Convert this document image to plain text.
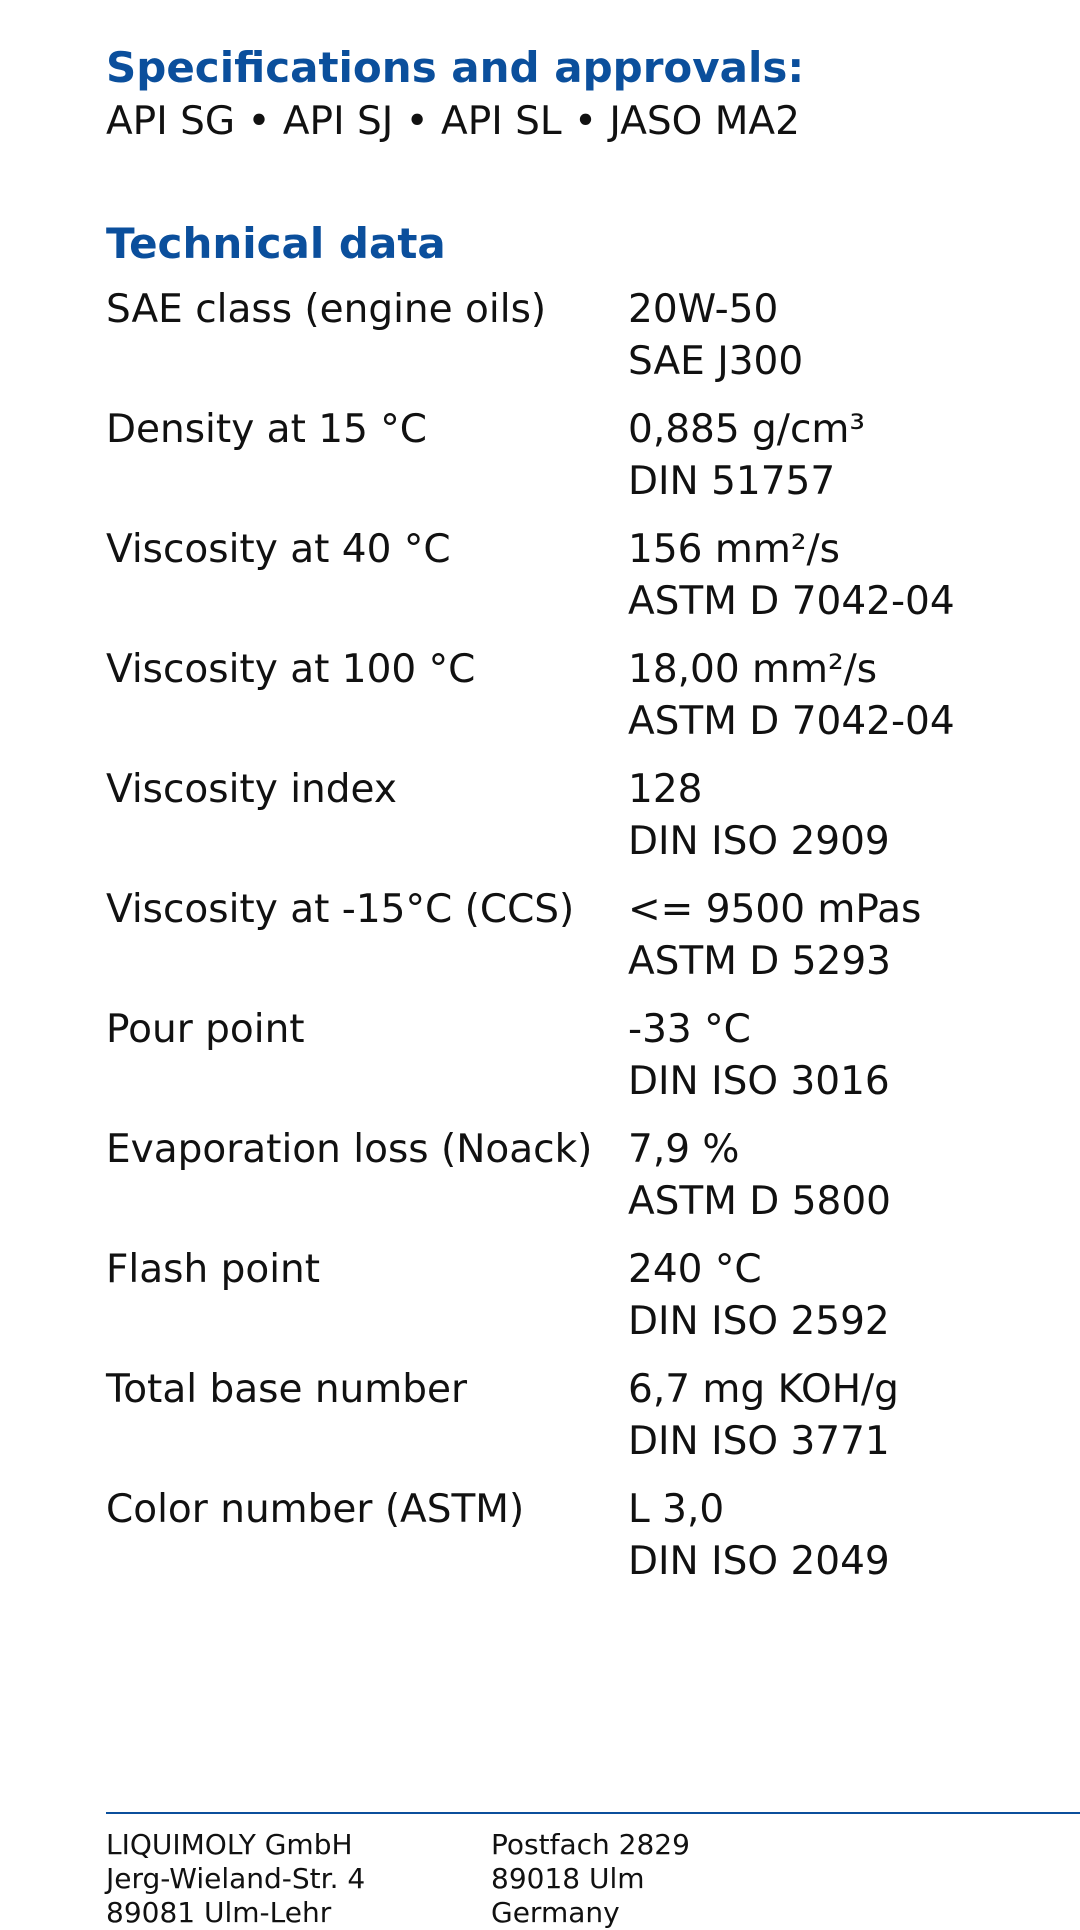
Specifications and approvals:
API SG • API SJ • API SL • JASO MA2
Technical data
SAE class (engine oils) 20W-50
SAE J300
Density at 15 °C	0,885 g/cm³
DIN 51757
Viscosity at 40 °C	156 mm²/s
ASTM D 7042-04
Viscosity at 100 °C	18,00 mm²/s
ASTM D 7042-04
Viscosity index	128
DIN ISO 2909
Viscosity at -15°C (CCS) <= 9500 mPas
ASTM D 5293
Pour point	-33 °C
DIN ISO 3016
Evaporation loss (Noack) 7,9 %
ASTM D 5800
Flash point	240 °C
DIN ISO 2592
Total base number	6,7 mg KOH/g
DIN ISO 3771
Color number (ASTM)	L 3,0
DIN ISO 2049
LIQUIMOLY GmbH
Jerg-Wieland-Str. 4
89081 Ulm-Lehr
Postfach 2829
89018 Ulm
Germany
